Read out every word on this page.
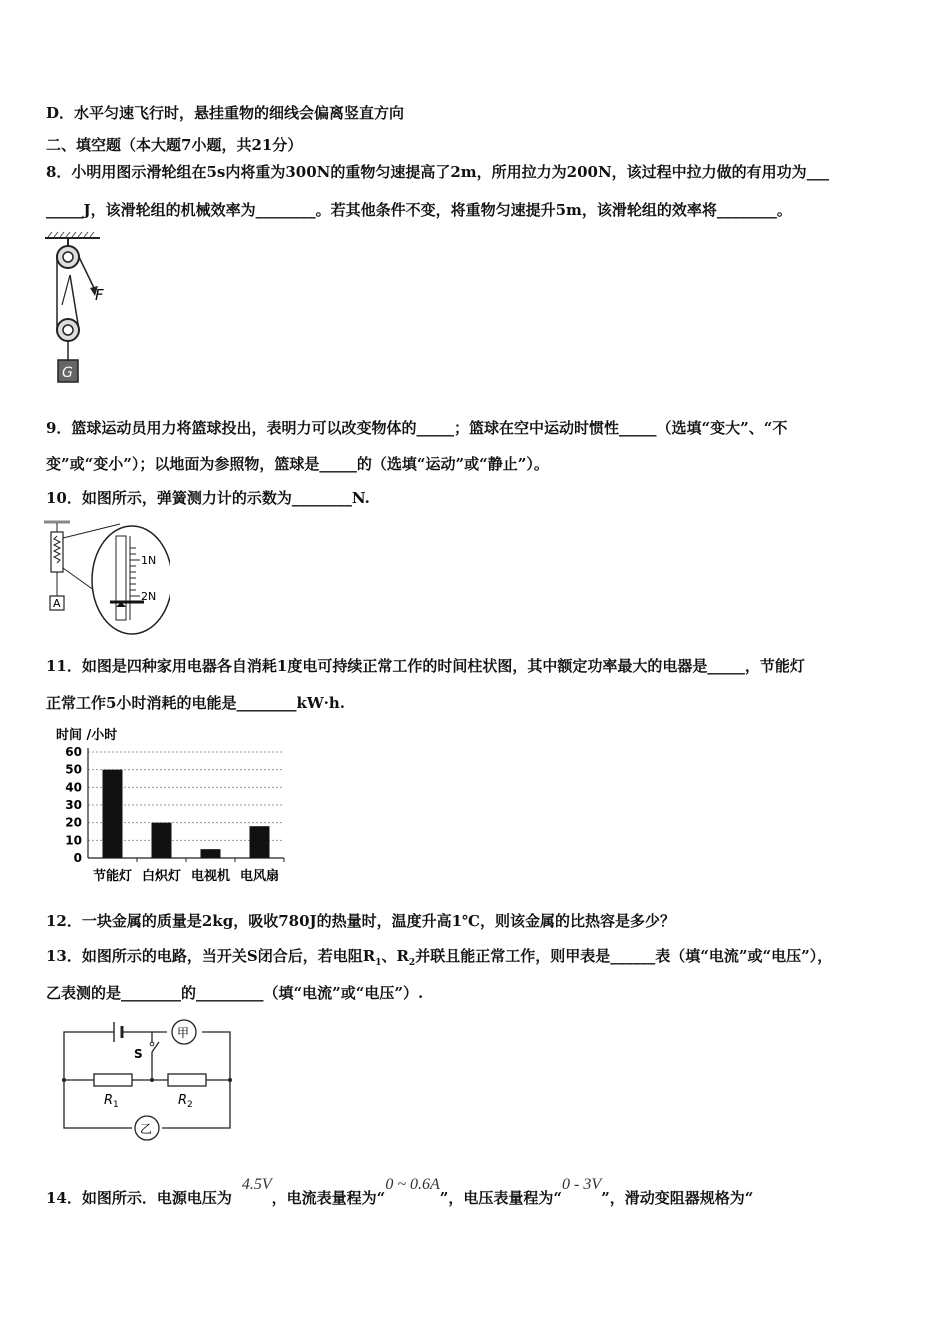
D．水平匀速飞行时，悬挂重物的细线会偏离竖直方向
二、填空题（本大题7小题，共21分）
8．小明用图示滑轮组在5s内将重为300N的重物匀速提高了2m，所用拉力为200N，该过程中拉力做的有用功为___
_____J，该滑轮组的机械效率为________。若其他条件不变，将重物匀速提升5m，该滑轮组的效率将________。
F
G
9．篮球运动员用力将篮球投出，表明力可以改变物体的_____；篮球在空中运动时惯性_____（选填“变大”、“不
变”或“变小”）；以地面为参照物，篮球是_____的（选填“运动”或“静止”）。
10．如图所示，弹簧测力计的示数为________N.
A
1N
2N
11．如图是四种家用电器各自消耗1度电可持续正常工作的时间柱状图，其中额定功率最大的电器是_____，节能灯
正常工作5小时消耗的电能是________kW·h.
时间 /小时
0
10
20
30
40
50
60
节能灯 白炽灯 电视机 电风扇
12．一块金属的质量是2kg，吸收780J的热量时，温度升高1℃，则该金属的比热容是多少？
13．如图所示的电路，当开关S闭合后，若电阻$R_1$、$R_2$并联且能正常工作，则甲表是______表（填“电流”或“电压”），
乙表测的是________的_________（填“电流”或“电压”）.
甲
乙
S
$R_1$	$R_2$
14．如图所示．电源电压为4.5V，电流表量程为“0 ~ 0.6A”，电压表量程为“0 - 3V”，滑动变阻器规格为“
